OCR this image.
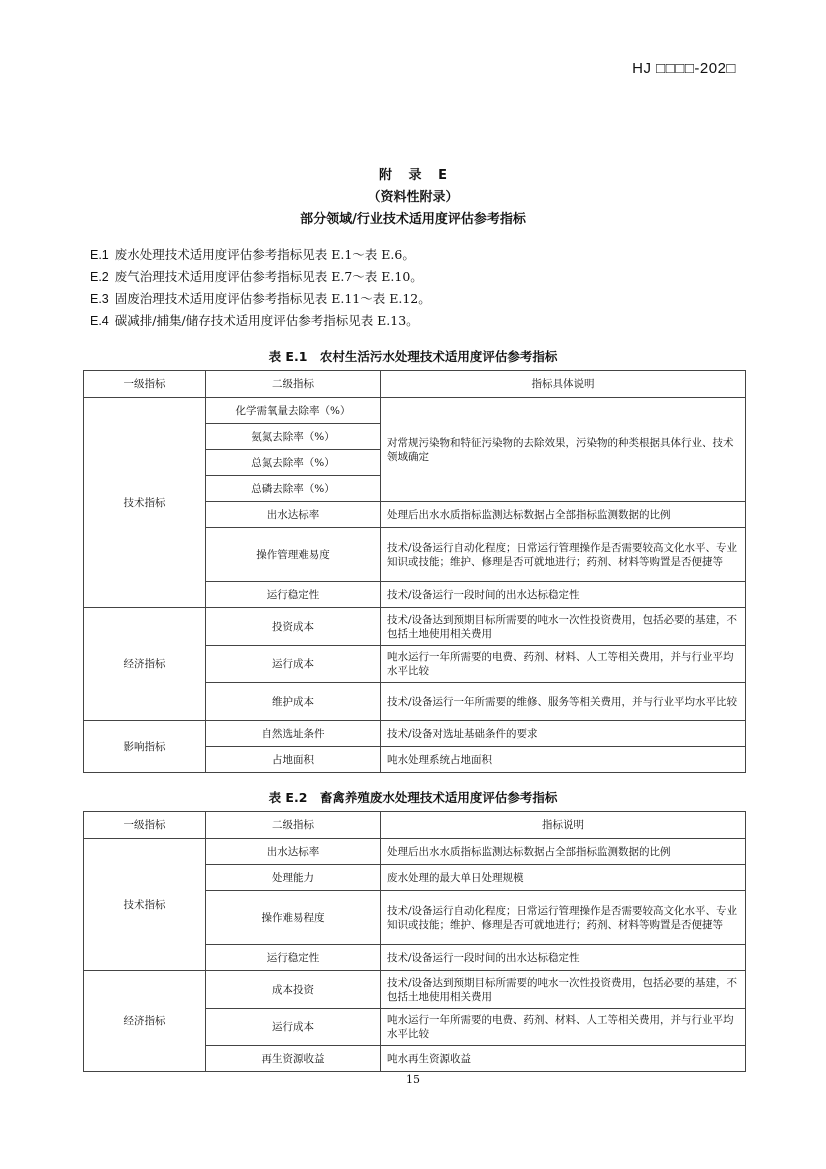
HJ □□□□-202□
附 录 E
（资料性附录）
部分领域/行业技术适用度评估参考指标
E.1 废水处理技术适用度评估参考指标见表 E.1～表 E.6。
E.2 废气治理技术适用度评估参考指标见表 E.7～表 E.10。
E.3 固废治理技术适用度评估参考指标见表 E.11～表 E.12。
E.4 碳减排/捕集/储存技术适用度评估参考指标见表 E.13。
表 E.1　农村生活污水处理技术适用度评估参考指标
一级指标	二级指标	指标具体说明
技术指标	化学需氧量去除率（%）	对常规污染物和特征污染物的去除效果，污染物的种类根据具体行业、技术领域确定
	氨氮去除率（%）	
	总氮去除率（%）	
	总磷去除率（%）	
	出水达标率	处理后出水水质指标监测达标数据占全部指标监测数据的比例
	操作管理难易度	技术/设备运行自动化程度；日常运行管理操作是否需要较高文化水平、专业知识或技能；维护、修理是否可就地进行；药剂、材料等购置是否便捷等
	运行稳定性	技术/设备运行一段时间的出水达标稳定性
经济指标	投资成本	技术/设备达到预期目标所需要的吨水一次性投资费用，包括必要的基建，不包括土地使用相关费用
	运行成本	吨水运行一年所需要的电费、药剂、材料、人工等相关费用，并与行业平均水平比较
	维护成本	技术/设备运行一年所需要的维修、服务等相关费用，并与行业平均水平比较
影响指标	自然选址条件	技术/设备对选址基础条件的要求
	占地面积	吨水处理系统占地面积
表 E.2　畜禽养殖废水处理技术适用度评估参考指标
一级指标	二级指标	指标说明
技术指标	出水达标率	处理后出水水质指标监测达标数据占全部指标监测数据的比例
	处理能力	废水处理的最大单日处理规模
	操作难易程度	技术/设备运行自动化程度；日常运行管理操作是否需要较高文化水平、专业知识或技能；维护、修理是否可就地进行；药剂、材料等购置是否便捷等
	运行稳定性	技术/设备运行一段时间的出水达标稳定性
经济指标	成本投资	技术/设备达到预期目标所需要的吨水一次性投资费用，包括必要的基建，不包括土地使用相关费用
	运行成本	吨水运行一年所需要的电费、药剂、材料、人工等相关费用，并与行业平均水平比较
	再生资源收益	吨水再生资源收益
15
